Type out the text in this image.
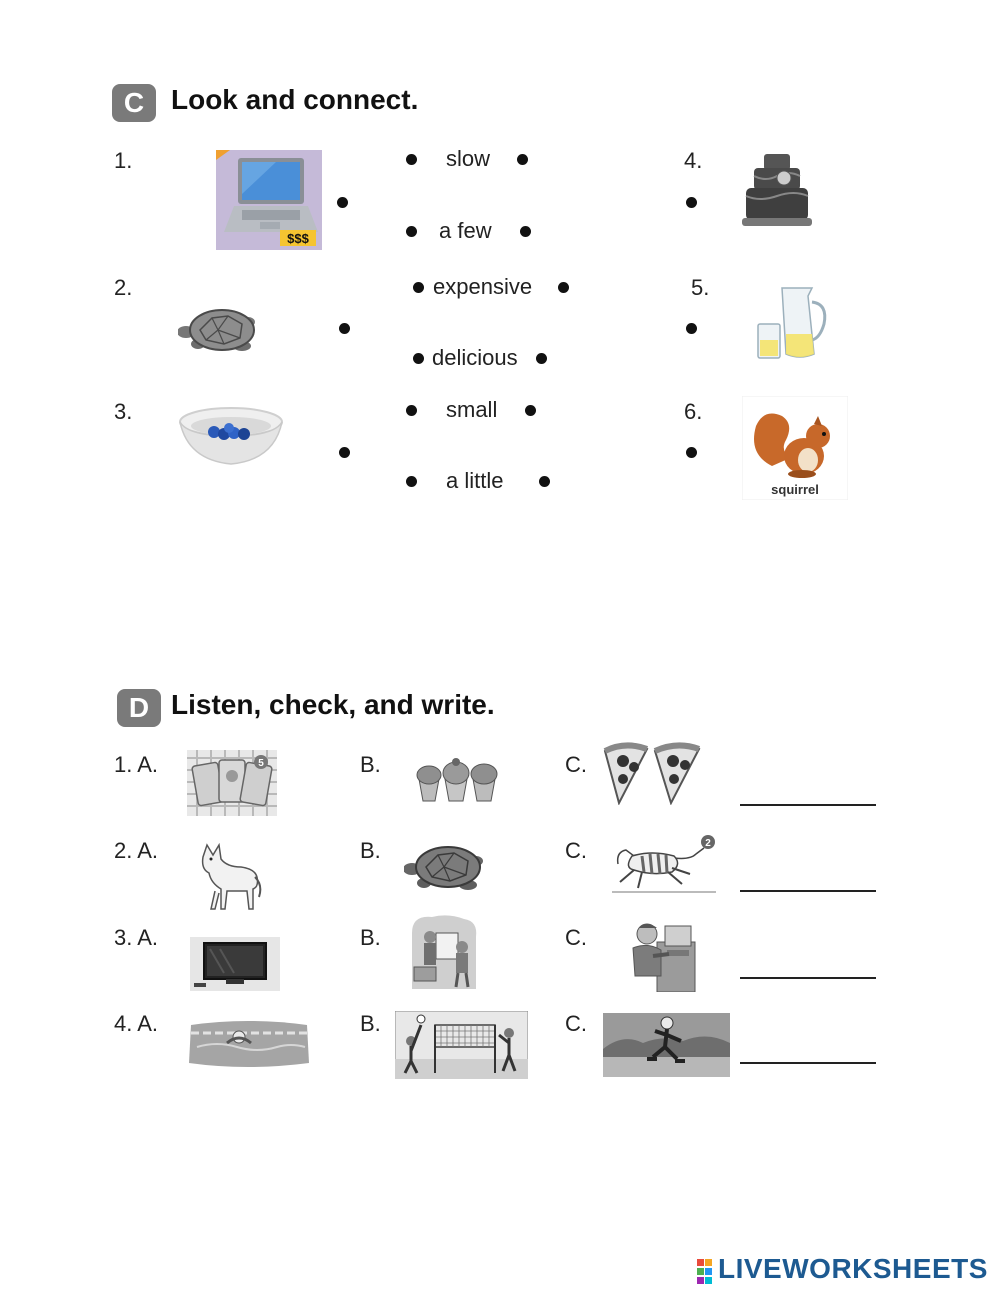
C Look and connect.
1.
2.
3.
4.
5.
6.
$$$
squirrel
slow
a few
expensive
delicious
small
a little
D Listen, check, and write.
1. A.	5	B.	C.
2. A.	B.	C.	2
3. A.	B.	C.
4. A.	B.	C.
LIVEWORKSHEETS
